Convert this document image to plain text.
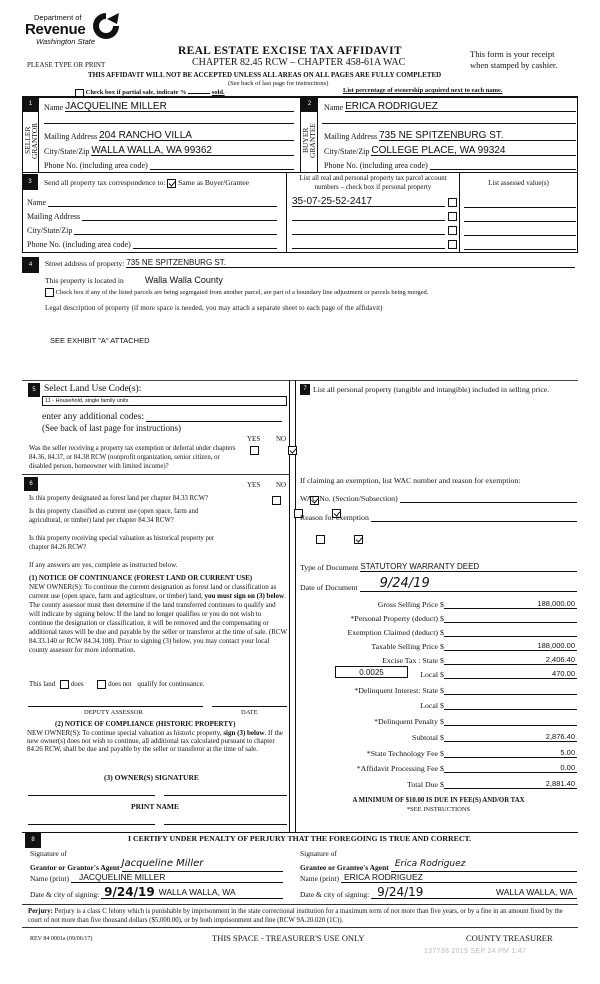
Department of
Revenue
Washington State
REAL ESTATE EXCISE TAX AFFIDAVIT	This form is your receipt
when stamped by cashier.
PLEASE TYPE OR PRINT	CHAPTER 82.45 RCW – CHAPTER 458-61A WAC
THIS AFFIDAVIT WILL NOT BE ACCEPTED UNLESS ALL AREAS ON ALL PAGES ARE FULLY COMPLETED
(See back of last page for instructions)
Check box if partial sale, indicate %	sold.	List percentage of ownership acquired next to each name.
1
SELLER
GRANTOR
Name JACQUELINE MILLER
Mailing Address 204 RANCHO VILLA
City/State/Zip WALLA WALLA, WA 99362
Phone No. (including area code)
2
BUYER
GRANTEE
Name ERICA RODRIGUEZ
Mailing Address 735 NE SPITZENBURG ST.
City/State/Zip COLLEGE PLACE, WA 99324
Phone No. (including area code)
3	Send all property tax correspondence to: Same as Buyer/Grantee
Name
Mailing Address
City/State/Zip
Phone No. (including area code)
List all real and personal property tax parcel account numbers – check box if personal property	List assessed value(s)
35-07-25-52-2417
4	Street address of property: 735 NE SPITZENBURG ST.
This property is located in Walla Walla County
Check box if any of the listed parcels are being segregated from another parcel, are part of a boundary line adjustment or parcels being merged.
Legal description of property (if more space is needed, you may attach a separate sheet to each page of the affidavit)
SEE EXHIBIT "A" ATTACHED
5 Select Land Use Code(s):
11 - Household, single family units
enter any additional codes:
(See back of last page for instructions)
YES NO
Was the seller receiving a property tax exemption or deferral under chapters 84.36, 84.37, or 84.38 RCW (nonprofit organization, senior citizen, or disabled person, homeowner with limited income)?

6	YES NO
Is this property designated as forest land per chapter 84.33 RCW?

Is this property classified as current use (open space, farm and agricultural, or timber) land per chapter 84.34 RCW?

Is this property receiving special valuation as historical property per chapter 84.26 RCW?

If any answers are yes, complete as instructed below.
(1) NOTICE OF CONTINUANCE (FOREST LAND OR CURRENT USE)
NEW OWNER(S): To continue the current designation as forest land or classification as current use (open space, farm and agriculture, or timber) land, you must sign on (3) below. The county assessor must then determine if the land transferred continues to qualify and will indicate by signing below. If the land no longer qualifies or you do not wish to continue the designation or classification, it will be removed and the compensating or additional taxes will be due and payable by the seller or transferor at the time of sale. (RCW 84.33.140 or RCW 84.34.108). Prior to signing (3) below, you may contact your local county assessor for more information.
This land does	does not qualify for continuance.
DEPUTY ASSESSOR	DATE
(2) NOTICE OF COMPLIANCE (HISTORIC PROPERTY)
NEW OWNER(S): To continue special valuation as historic property, sign (3) below. If the new owner(s) does not wish to continue, all additional tax calculated pursuant to chapter 84.26 RCW, shall be due and payable by the seller or transferor at the time of sale.
(3) OWNER(S) SIGNATURE
PRINT NAME
7 List all personal property (tangible and intangible) included in selling price.
If claiming an exemption, list WAC number and reason for exemption:
WAC No. (Section/Subsection)
Reason for exemption
Type of Document STATUTORY WARRANTY DEED
Date of Document	9/24/19
0.0025
Gross Selling Price $	188,000.00
*Personal Property (deduct) $
Exemption Claimed (deduct) $
Taxable Selling Price $	188,000.00
Excise Tax : State $	2,406.40
Local $	470.00
*Delinquent Interest: State $
Local $
*Delinquent Penalty $
Subtotal $	2,876.40
*State Technology Fee $	5.00
*Affidavit Processing Fee $	0.00
Total Due $	2,881.40
A MINIMUM OF $10.00 IS DUE IN FEE(S) AND/OR TAX
*SEE INSTRUCTIONS
8	I CERTIFY UNDER PENALTY OF PERJURY THAT THE FOREGOING IS TRUE AND CORRECT.
Signature of
Grantor or Grantor's Agent Jacqueline Miller
Name (print)	JACQUELINE MILLER
Date & city of signing: 9/24/19 WALLA WALLA, WA
Signature of
Grantee or Grantee's Agent Erica Rodriguez
Name (print) ERICA RODRIGUEZ
Date & city of signing: 9/24/19	WALLA WALLA, WA
Perjury: Perjury is a class C felony which is punishable by imprisonment in the state correctional institution for a maximum term of not more than five years, or by a fine in an amount fixed by the court of not more than five thousand dollars ($5,000.00), or by both imprisonment and fine (RCW 9A.20.020 (1C)).
REV 84 0001a (09/06/17)	THIS SPACE - TREASURER'S USE ONLY	COUNTY TREASURER
137738 2019 SEP 24 PM 1:47
